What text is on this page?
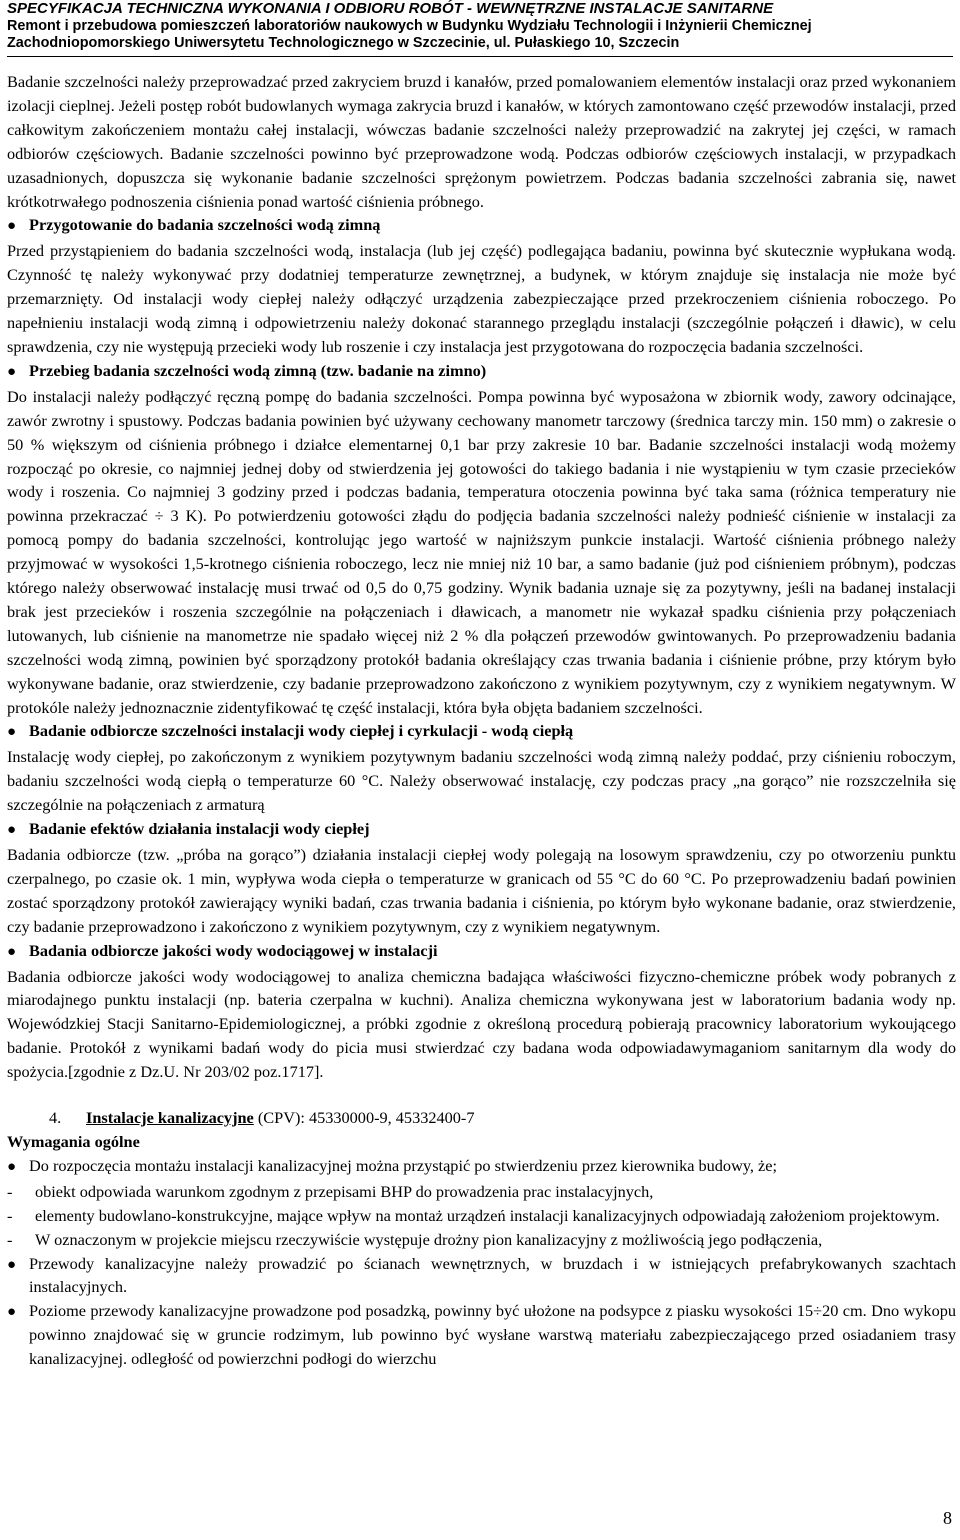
SPECYFIKACJA TECHNICZNA WYKONANIA I ODBIORU ROBÓT - WEWNĘTRZNE INSTALACJE SANITARNE
Remont i przebudowa pomieszczeń laboratoriów naukowych w Budynku Wydziału Technologii i Inżynierii Chemicznej
Zachodniopomorskiego Uniwersytetu Technologicznego w Szczecinie, ul. Pułaskiego 10, Szczecin

Badanie szczelności należy przeprowadzać przed zakryciem bruzd i kanałów, przed pomalowaniem elementów instalacji oraz przed wykonaniem izolacji cieplnej. Jeżeli postęp robót budowlanych wymaga zakrycia bruzd i kanałów, w których zamontowano część przewodów instalacji, przed całkowitym zakończeniem montażu całej instalacji, wówczas badanie szczelności należy przeprowadzić na zakrytej jej części, w ramach odbiorów częściowych. Badanie szczelności powinno być przeprowadzone wodą. Podczas odbiorów częściowych instalacji, w przypadkach uzasadnionych, dopuszcza się wykonanie badanie szczelności sprężonym powietrzem. Podczas badania szczelności zabrania się, nawet krótkotrwałego podnoszenia ciśnienia ponad wartość ciśnienia próbnego.

● Przygotowanie do badania szczelności wodą zimną

Przed przystąpieniem do badania szczelności wodą, instalacja (lub jej część) podlegająca badaniu, powinna być skutecznie wypłukana wodą. Czynność tę należy wykonywać przy dodatniej temperaturze zewnętrznej, a budynek, w którym znajduje się instalacja nie może być przemarznięty. Od instalacji wody ciepłej należy odłączyć urządzenia zabezpieczające przed przekroczeniem ciśnienia roboczego. Po napełnieniu instalacji wodą zimną i odpowietrzeniu należy dokonać starannego przeglądu instalacji (szczególnie połączeń i dławic), w celu sprawdzenia, czy nie występują przecieki wody lub roszenie i czy instalacja jest przygotowana do rozpoczęcia badania szczelności.

● Przebieg badania szczelności wodą zimną (tzw. badanie na zimno)

Do instalacji należy podłączyć ręczną pompę do badania szczelności. Pompa powinna być wyposażona w zbiornik wody, zawory odcinające, zawór zwrotny i spustowy. Podczas badania powinien być używany cechowany manometr tarczowy (średnica tarczy min. 150 mm) o zakresie o 50 % większym od ciśnienia próbnego i działce elementarnej 0,1 bar przy zakresie 10 bar. Badanie szczelności instalacji wodą możemy rozpocząć po okresie, co najmniej jednej doby od stwierdzenia jej gotowości do takiego badania i nie wystąpieniu w tym czasie przecieków wody i roszenia. Co najmniej 3 godziny przed i podczas badania, temperatura otoczenia powinna być taka sama (różnica temperatury nie powinna przekraczać ÷ 3 K). Po potwierdzeniu gotowości złądu do podjęcia badania szczelności należy podnieść ciśnienie w instalacji za pomocą pompy do badania szczelności, kontrolując jego wartość w najniższym punkcie instalacji. Wartość ciśnienia próbnego należy przyjmować w wysokości 1,5-krotnego ciśnienia roboczego, lecz nie mniej niż 10 bar, a samo badanie (już pod ciśnieniem próbnym), podczas którego należy obserwować instalację musi trwać od 0,5 do 0,75 godziny. Wynik badania uznaje się za pozytywny, jeśli na badanej instalacji brak jest przecieków i roszenia szczególnie na połączeniach i dławicach, a manometr nie wykazał spadku ciśnienia przy połączeniach lutowanych, lub ciśnienie na manometrze nie spadało więcej niż 2 % dla połączeń przewodów gwintowanych. Po przeprowadzeniu badania szczelności wodą zimną, powinien być sporządzony protokół badania określający czas trwania badania i ciśnienie próbne, przy którym było wykonywane badanie, oraz stwierdzenie, czy badanie przeprowadzono zakończono z wynikiem pozytywnym, czy z wynikiem negatywnym. W protokóle należy jednoznacznie zidentyfikować tę część instalacji, która była objęta badaniem szczelności.

● Badanie odbiorcze szczelności instalacji wody ciepłej i cyrkulacji - wodą ciepłą

Instalację wody ciepłej, po zakończonym z wynikiem pozytywnym badaniu szczelności wodą zimną należy poddać, przy ciśnieniu roboczym, badaniu szczelności wodą ciepłą o temperaturze 60 °C. Należy obserwować instalację, czy podczas pracy „na gorąco” nie rozszczelniła się szczególnie na połączeniach z armaturą

● Badanie efektów działania instalacji wody ciepłej

Badania odbiorcze (tzw. „próba na gorąco”) działania instalacji ciepłej wody polegają na losowym sprawdzeniu, czy po otworzeniu punktu czerpalnego, po czasie ok. 1 min, wypływa woda ciepła o temperaturze w granicach od 55 °C do 60 °C. Po przeprowadzeniu badań powinien zostać sporządzony protokół zawierający wyniki badań, czas trwania badania i ciśnienia, po którym było wykonane badanie, oraz stwierdzenie, czy badanie przeprowadzono i zakończono z wynikiem pozytywnym, czy z wynikiem negatywnym.

● Badania odbiorcze jakości wody wodociągowej w instalacji

Badania odbiorcze jakości wody wodociągowej to analiza chemiczna badająca właściwości fizyczno-chemiczne próbek wody pobranych z miarodajnego punktu instalacji (np. bateria czerpalna w kuchni). Analiza chemiczna wykonywana jest w laboratorium badania wody np. Wojewódzkiej Stacji Sanitarno-Epidemiologicznej, a próbki zgodnie z określoną procedurą pobierają pracownicy laboratorium wykoującego badanie. Protokół z wynikami badań wody do picia musi stwierdzać czy badana woda odpowiadawymaganiom sanitarnym dla wody do spożycia.[zgodnie z Dz.U. Nr 203/02 poz.1717].

4. Instalacje kanalizacyjne (CPV): 45330000-9, 45332400-7
Wymagania ogólne
● Do rozpoczęcia montażu instalacji kanalizacyjnej można przystąpić po stwierdzeniu przez kierownika budowy, że;
-	obiekt odpowiada warunkom zgodnym z przepisami BHP do prowadzenia prac instalacyjnych,
-	elementy budowlano-konstrukcyjne, mające wpływ na montaż urządzeń instalacji kanalizacyjnych odpowiadają założeniom projektowym.
-	W oznaczonym w projekcie miejscu rzeczywiście występuje drożny pion kanalizacyjny z możliwością jego podłączenia,
● Przewody kanalizacyjne należy prowadzić po ścianach wewnętrznych, w bruzdach i w istniejących prefabrykowanych szachtach instalacyjnych.
● Poziome przewody kanalizacyjne prowadzone pod posadzką, powinny być ułożone na podsypce z piasku wysokości 15÷20 cm. Dno wykopu powinno znajdować się w gruncie rodzimym, lub powinno być wysłane warstwą materiału zabezpieczającego przed osiadaniem trasy kanalizacyjnej. odległość od powierzchni podłogi do wierzchu
8
